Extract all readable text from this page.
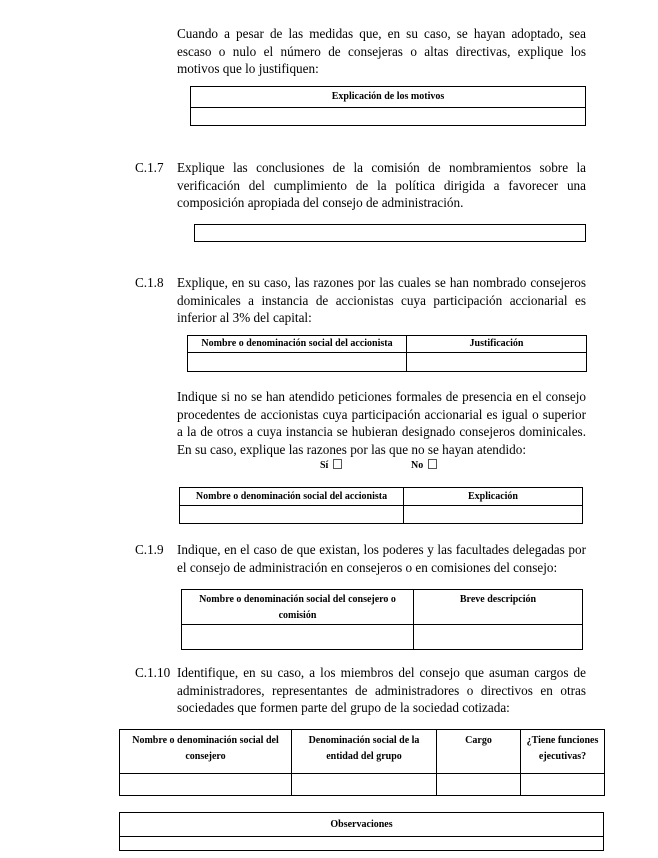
Cuando a pesar de las medidas que, en su caso, se hayan adoptado, sea escaso o nulo el número de consejeras o altas directivas, explique los motivos que lo justifiquen:

Explicación de los motivos

C.1.7 Explique las conclusiones de la comisión de nombramientos sobre la verificación del cumplimiento de la política dirigida a favorecer una composición apropiada del consejo de administración.

C.1.8 Explique, en su caso, las razones por las cuales se han nombrado consejeros dominicales a instancia de accionistas cuya participación accionarial es inferior al 3% del capital:

Nombre o denominación social del accionista	Justificación

Indique si no se han atendido peticiones formales de presencia en el consejo procedentes de accionistas cuya participación accionarial es igual o superior a la de otros a cuya instancia se hubieran designado consejeros dominicales. En su caso, explique las razones por las que no se hayan atendido:

Sí	No
Nombre o denominación social del accionista	Explicación

C.1.9 Indique, en el caso de que existan, los poderes y las facultades delegadas por el consejo de administración en consejeros o en comisiones del consejo:

Nombre o denominación social del consejero o comisión	Breve descripción

C.1.10 Identifique, en su caso, a los miembros del consejo que asuman cargos de administradores, representantes de administradores o directivos en otras sociedades que formen parte del grupo de la sociedad cotizada:

Nombre o denominación social del consejero	Denominación social de la entidad del grupo	Cargo	¿Tiene funciones ejecutivas?

Observaciones
